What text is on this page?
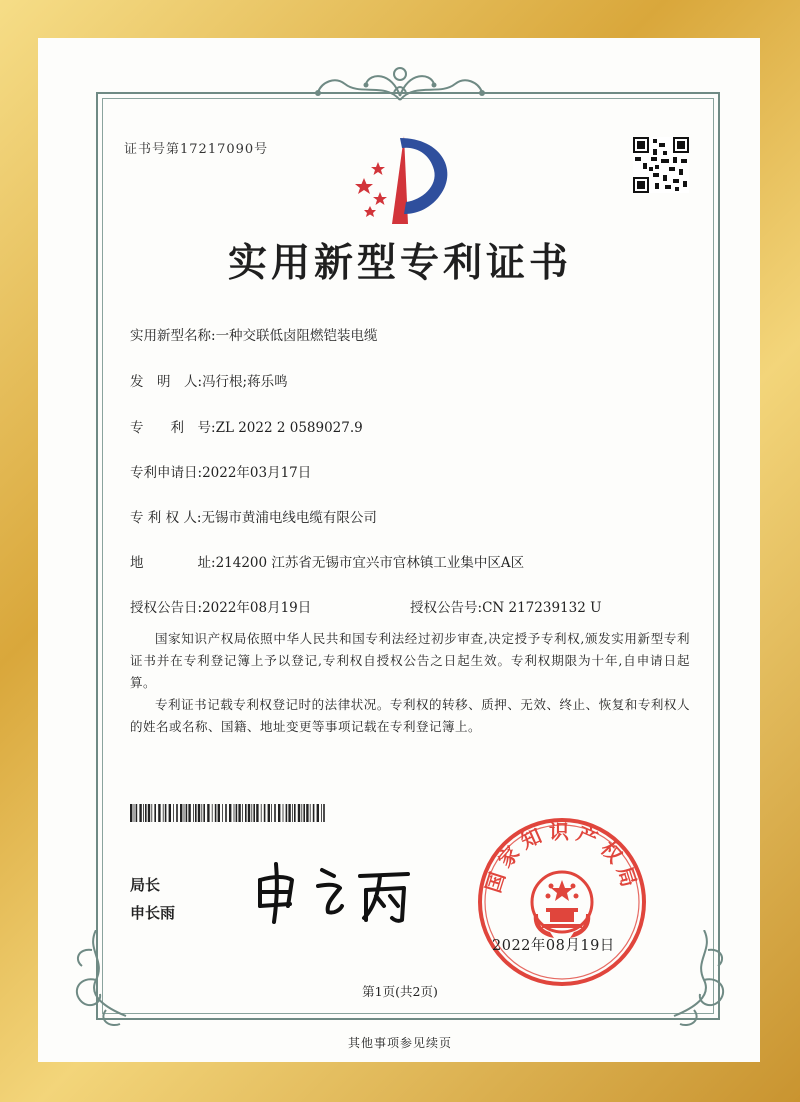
证书号第17217090号
实用新型专利证书
实用新型名称:一种交联低卤阻燃铠装电缆
发　明　人:冯行根;蒋乐鸣
专　　利　号:ZL 2022 2 0589027.9
专利申请日:2022年03月17日
专 利 权 人:无锡市黄浦电线电缆有限公司
地　　　　址:214200 江苏省无锡市宜兴市官林镇工业集中区A区
授权公告日:2022年08月19日	授权公告号:CN 217239132 U
国家知识产权局依照中华人民共和国专利法经过初步审查,决定授予专利权,颁发实用新型专利证书并在专利登记簿上予以登记,专利权自授权公告之日起生效。专利权期限为十年,自申请日起算。
专利证书记载专利权登记时的法律状况。专利权的转移、质押、无效、终止、恢复和专利权人的姓名或名称、国籍、地址变更等事项记载在专利登记簿上。
局长
申长雨
国家知识产权局
2022年08月19日
第1页(共2页)
其他事项参见续页
